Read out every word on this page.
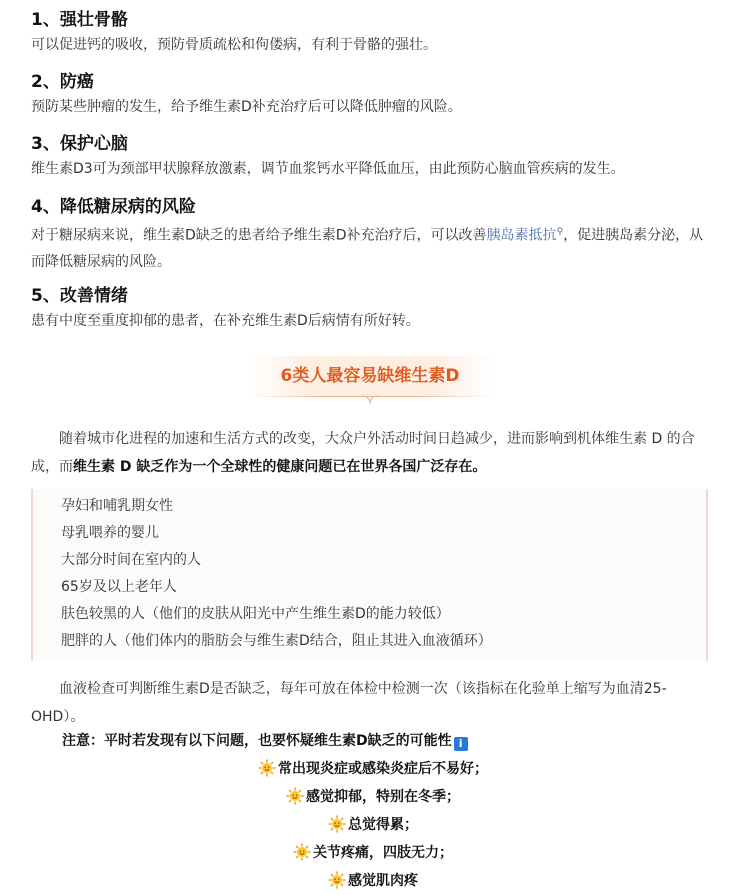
1、强壮骨骼

可以促进钙的吸收，预防骨质疏松和佝偻病，有利于骨骼的强壮。

2、防癌

预防某些肿瘤的发生，给予维生素D补充治疗后可以降低肿瘤的风险。

3、保护心脑

维生素D3可为颈部甲状腺释放激素，调节血浆钙水平降低血压，由此预防心脑血管疾病的发生。

4、降低糖尿病的风险

对于糖尿病来说，维生素D缺乏的患者给予维生素D补充治疗后，可以改善胰岛素抵抗⚲，促进胰岛素分泌，从而降低糖尿病的风险。

5、改善情绪

患有中度至重度抑郁的患者，在补充维生素D后病情有所好转。

6类人最容易缺维生素D

随着城市化进程的加速和生活方式的改变，大众户外活动时间日趋减少，进而影响到机体维生素 D 的合成，而维生素 D 缺乏作为一个全球性的健康问题已在世界各国广泛存在。

孕妇和哺乳期女性
母乳喂养的婴儿
大部分时间在室内的人
65岁及以上老年人
肤色较黑的人（他们的皮肤从阳光中产生维生素D的能力较低）
肥胖的人（他们体内的脂肪会与维生素D结合，阻止其进入血液循环）

血液检查可判断维生素D是否缺乏，每年可放在体检中检测一次（该指标在化验单上缩写为血清25-OHD）。

注意：平时若发现有以下问题，也要怀疑维生素D缺乏的可能性 i
常出现炎症或感染炎症后不易好；
感觉抑郁，特别在冬季；
总觉得累；
关节疼痛，四肢无力；
感觉肌肉疼
